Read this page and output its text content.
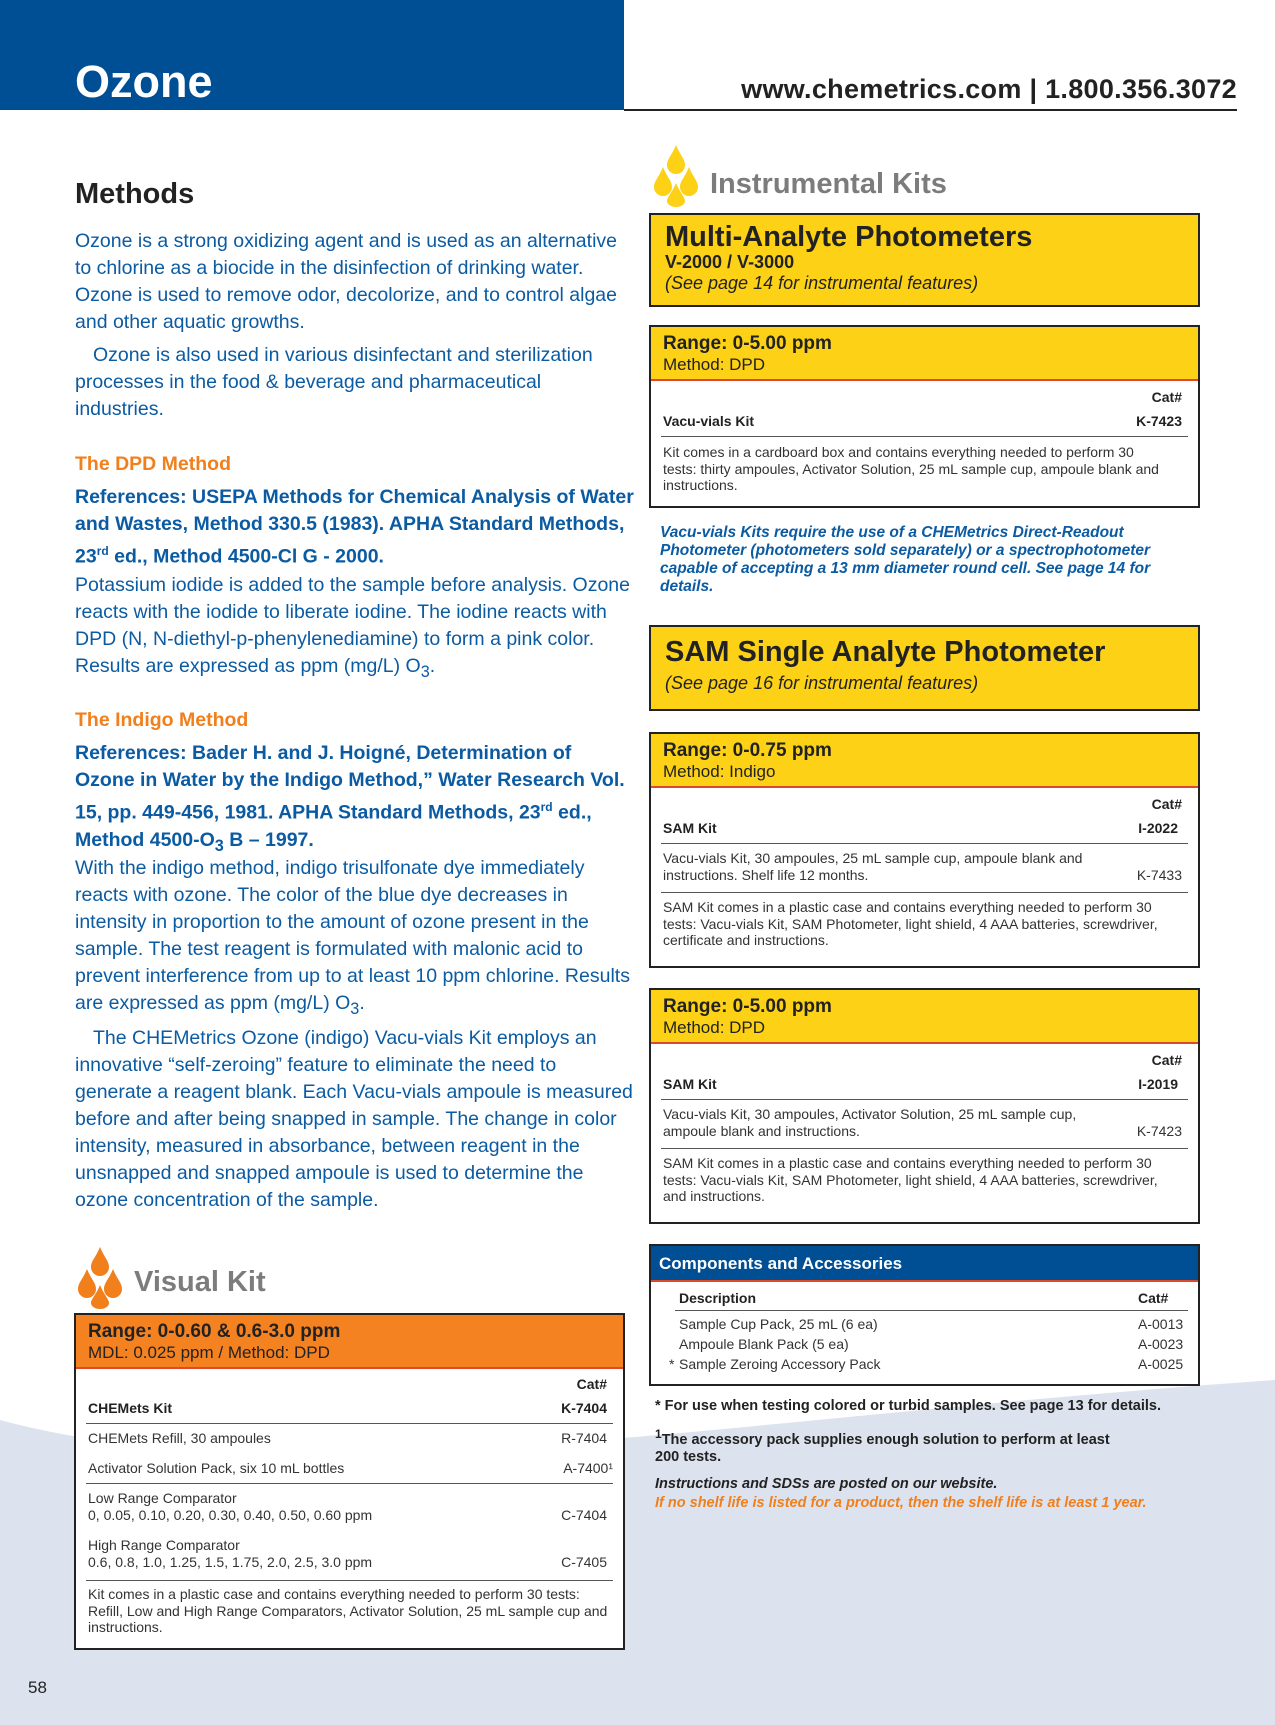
Ozone	www.chemetrics.com | 1.800.356.3072
Methods
Ozone is a strong oxidizing agent and is used as an alternative to chlorine as a biocide in the disinfection of drinking water. Ozone is used to remove odor, decolorize, and to control algae and other aquatic growths.
Ozone is also used in various disinfectant and sterilization processes in the food & beverage and pharmaceutical industries.
The DPD Method
References: USEPA Methods for Chemical Analysis of Water and Wastes, Method 330.5 (1983). APHA Standard Methods, 23rd ed., Method 4500-Cl G - 2000.
Potassium iodide is added to the sample before analysis. Ozone reacts with the iodide to liberate iodine. The iodine reacts with DPD (N, N-diethyl-p-phenylenediamine) to form a pink color. Results are expressed as ppm (mg/L) $O_3$.
The Indigo Method
References: Bader H. and J. Hoigné, Determination of Ozone in Water by the Indigo Method,” Water Research Vol. 15, pp. 449-456, 1981. APHA Standard Methods, 23rd ed., Method $4500-O_3$ B – 1997.
With the indigo method, indigo trisulfonate dye immediately reacts with ozone. The color of the blue dye decreases in intensity in proportion to the amount of ozone present in the sample. The test reagent is formulated with malonic acid to prevent interference from up to at least 10 ppm chlorine. Results are expressed as ppm (mg/L) $O_3$.
The CHEMetrics Ozone (indigo) Vacu-vials Kit employs an innovative “self-zeroing” feature to eliminate the need to generate a reagent blank. Each Vacu-vials ampoule is measured before and after being snapped in sample. The change in color intensity, measured in absorbance, between reagent in the unsnapped and snapped ampoule is used to determine the ozone concentration of the sample.
Visual Kit
Range: 0-0.60 & 0.6-3.0 ppm
MDL: 0.025 ppm / Method: DPD
Cat#
CHEMets Kit	K-7404
CHEMets Refill, 30 ampoules	R-7404
Activator Solution Pack, six 10 mL bottles	A-7400¹
Low Range Comparator
0, 0.05, 0.10, 0.20, 0.30, 0.40, 0.50, 0.60 ppm	C-7404
High Range Comparator
0.6, 0.8, 1.0, 1.25, 1.5, 1.75, 2.0, 2.5, 3.0 ppm	C-7405
Kit comes in a plastic case and contains everything needed to perform 30 tests: Refill, Low and High Range Comparators, Activator Solution, 25 mL sample cup and instructions.
Instrumental Kits
Multi-Analyte Photometers
V-2000 / V-3000
(See page 14 for instrumental features)
Range: 0-5.00 ppm
Method: DPD
Cat#
Vacu-vials Kit	K-7423
Kit comes in a cardboard box and contains everything needed to perform 30 tests: thirty ampoules, Activator Solution, 25 mL sample cup, ampoule blank and instructions.
Vacu-vials Kits require the use of a CHEMetrics Direct-Readout Photometer (photometers sold separately) or a spectrophotometer capable of accepting a 13 mm diameter round cell. See page 14 for details.
SAM Single Analyte Photometer
(See page 16 for instrumental features)
Range: 0-0.75 ppm
Method: Indigo
Cat#
SAM Kit	I-2022
Vacu-vials Kit, 30 ampoules, 25 mL sample cup, ampoule blank and instructions. Shelf life 12 months.	K-7433
SAM Kit comes in a plastic case and contains everything needed to perform 30 tests: Vacu-vials Kit, SAM Photometer, light shield, 4 AAA batteries, screwdriver, certificate and instructions.
Range: 0-5.00 ppm
Method: DPD
Cat#
SAM Kit	I-2019
Vacu-vials Kit, 30 ampoules, Activator Solution, 25 mL sample cup, ampoule blank and instructions.	K-7423
SAM Kit comes in a plastic case and contains everything needed to perform 30 tests: Vacu-vials Kit, SAM Photometer, light shield, 4 AAA batteries, screwdriver, and instructions.
Components and Accessories
Description	Cat#
Sample Cup Pack, 25 mL (6 ea)	A-0013
Ampoule Blank Pack (5 ea)	A-0023
* Sample Zeroing Accessory Pack	A-0025
* For use when testing colored or turbid samples. See page 13 for details.
$^1$The accessory pack supplies enough solution to perform at least 200 tests.
Instructions and SDSs are posted on our website.
If no shelf life is listed for a product, then the shelf life is at least 1 year.
58
